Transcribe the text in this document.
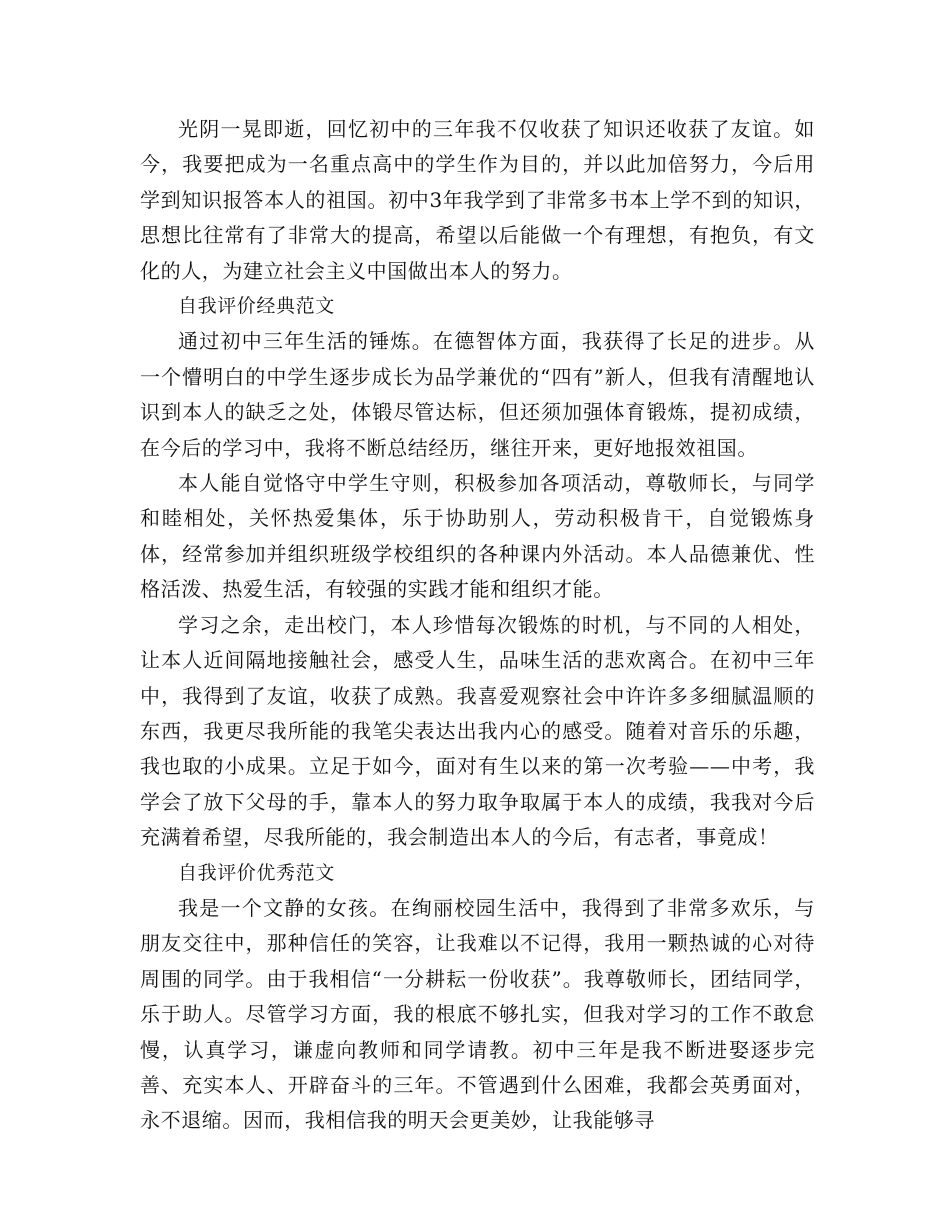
光阴一晃即逝，回忆初中的三年我不仅收获了知识还收获了友谊。如今，我要把成为一名重点高中的学生作为目的，并以此加倍努力，今后用学到知识报答本人的祖国。初中3年我学到了非常多书本上学不到的知识，思想比往常有了非常大的提高，希望以后能做一个有理想，有抱负，有文化的人，为建立社会主义中国做出本人的努力。

自我评价经典范文

通过初中三年生活的锤炼。在德智体方面，我获得了长足的进步。从一个懵明白的中学生逐步成长为品学兼优的“四有”新人，但我有清醒地认识到本人的缺乏之处，体锻尽管达标，但还须加强体育锻炼，提初成绩，在今后的学习中，我将不断总结经历，继往开来，更好地报效祖国。

本人能自觉恪守中学生守则，积极参加各项活动，尊敬师长，与同学和睦相处，关怀热爱集体，乐于协助别人，劳动积极肯干，自觉锻炼身体，经常参加并组织班级学校组织的各种课内外活动。本人品德兼优、性格活泼、热爱生活，有较强的实践才能和组织才能。

学习之余，走出校门，本人珍惜每次锻炼的时机，与不同的人相处，让本人近间隔地接触社会，感受人生，品味生活的悲欢离合。在初中三年中，我得到了友谊，收获了成熟。我喜爱观察社会中许许多多细腻温顺的东西，我更尽我所能的我笔尖表达出我内心的感受。随着对音乐的乐趣，我也取的小成果。立足于如今，面对有生以来的第一次考验——中考，我学会了放下父母的手，靠本人的努力取争取属于本人的成绩，我我对今后充满着希望，尽我所能的，我会制造出本人的今后，有志者，事竟成！

自我评价优秀范文

我是一个文静的女孩。在绚丽校园生活中，我得到了非常多欢乐，与朋友交往中，那种信任的笑容，让我难以不记得，我用一颗热诚的心对待周围的同学。由于我相信“一分耕耘一份收获”。我尊敬师长，团结同学，乐于助人。尽管学习方面，我的根底不够扎实，但我对学习的工作不敢怠慢，认真学习，谦虚向教师和同学请教。初中三年是我不断进娶逐步完善、充实本人、开辟奋斗的三年。不管遇到什么困难，我都会英勇面对，永不退缩。因而，我相信我的明天会更美妙，让我能够寻
